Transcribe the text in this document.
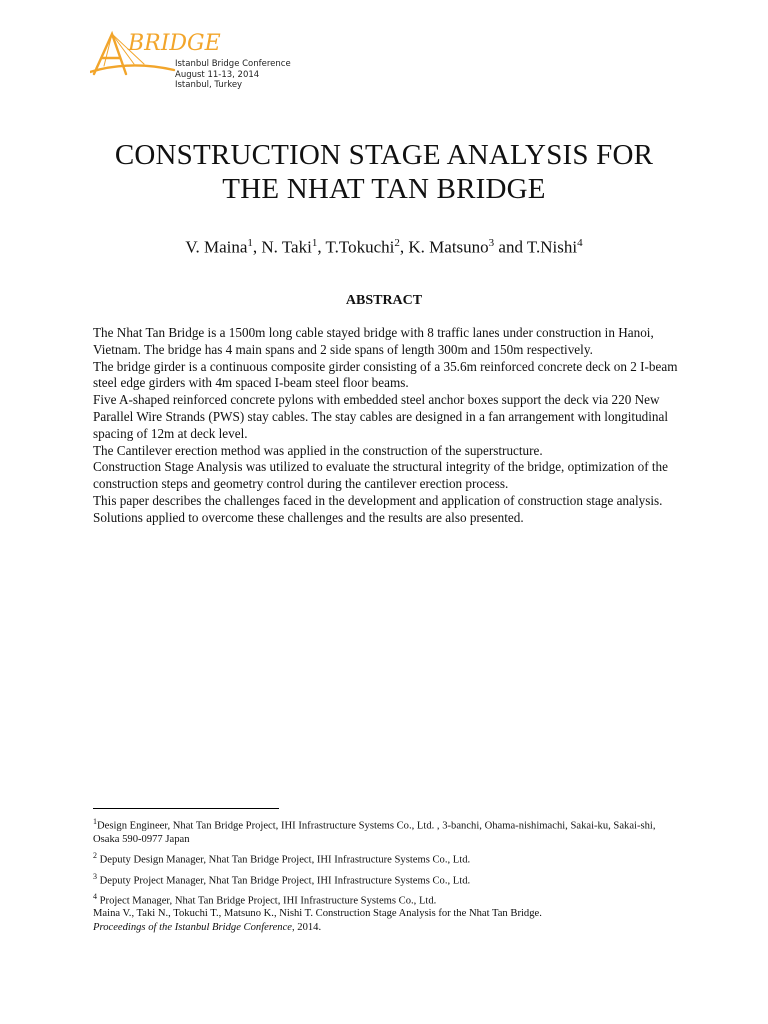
BRIDGE
Istanbul Bridge Conference
August 11-13, 2014
Istanbul, Turkey
CONSTRUCTION STAGE ANALYSIS FOR
THE NHAT TAN BRIDGE
V. Maina$^1$, N. Taki$^1$, T.Tokuchi$^2$, K. Matsuno$^3$ and T.Nishi$^4$
ABSTRACT

The Nhat Tan Bridge is a 1500m long cable stayed bridge with 8 traffic lanes under construction in Hanoi, Vietnam. The bridge has 4 main spans and 2 side spans of length 300m and 150m respectively.

The bridge girder is a continuous composite girder consisting of a 35.6m reinforced concrete deck on 2 I-beam steel edge girders with 4m spaced I-beam steel floor beams.

Five A-shaped reinforced concrete pylons with embedded steel anchor boxes support the deck via 220 New Parallel Wire Strands (PWS) stay cables. The stay cables are designed in a fan arrangement with longitudinal spacing of 12m at deck level.

The Cantilever erection method was applied in the construction of the superstructure.

Construction Stage Analysis was utilized to evaluate the structural integrity of the bridge, optimization of the construction steps and geometry control during the cantilever erection process.

This paper describes the challenges faced in the development and application of construction stage analysis. Solutions applied to overcome these challenges and the results are also presented.

$^1$Design Engineer, Nhat Tan Bridge Project, IHI Infrastructure Systems Co., Ltd. , 3-banchi, Ohama-nishimachi, Sakai-ku, Sakai-shi, Osaka 590-0977 Japan

$^2$ Deputy Design Manager, Nhat Tan Bridge Project, IHI Infrastructure Systems Co., Ltd.

$^3$ Deputy Project Manager, Nhat Tan Bridge Project, IHI Infrastructure Systems Co., Ltd.

$^4$ Project Manager, Nhat Tan Bridge Project, IHI Infrastructure Systems Co., Ltd.

Maina V., Taki N., Tokuchi T., Matsuno K., Nishi T. Construction Stage Analysis for the Nhat Tan Bridge.
Proceedings of the Istanbul Bridge Conference, 2014.
